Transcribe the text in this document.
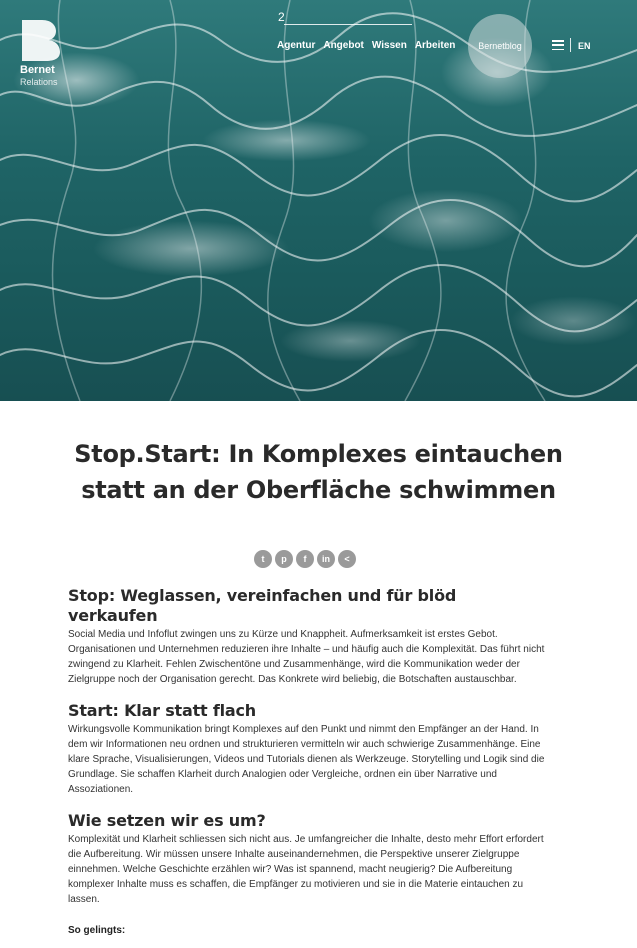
Bernet
Relations
2
Agentur Angebot Wissen Arbeiten	Bernetblog	EN
Stop.Start: In Komplexes eintauchen statt an der Oberfläche schwimmen
t	p	f	in	<
Stop: Weglassen, vereinfachen und für blöd verkaufen

Social Media und Infoflut zwingen uns zu Kürze und Knappheit. Aufmerksamkeit ist erstes Gebot. Organisationen und Unternehmen reduzieren ihre Inhalte – und häufig auch die Komplexität. Das führt nicht zwingend zu Klarheit. Fehlen Zwischentöne und Zusammenhänge, wird die Kommunikation weder der Zielgruppe noch der Organisation gerecht. Das Konkrete wird beliebig, die Botschaften austauschbar.

Start: Klar statt flach

Wirkungsvolle Kommunikation bringt Komplexes auf den Punkt und nimmt den Empfänger an der Hand. In dem wir Informationen neu ordnen und strukturieren vermitteln wir auch schwierige Zusammenhänge. Eine klare Sprache, Visualisierungen, Videos und Tutorials dienen als Werkzeuge. Storytelling und Logik sind die Grundlage. Sie schaffen Klarheit durch Analogien oder Vergleiche, ordnen ein über Narrative und Assoziationen.

Wie setzen wir es um?

Komplexität und Klarheit schliessen sich nicht aus. Je umfangreicher die Inhalte, desto mehr Effort erfordert die Aufbereitung. Wir müssen unsere Inhalte auseinandernehmen, die Perspektive unserer Zielgruppe einnehmen. Welche Geschichte erzählen wir? Was ist spannend, macht neugierig? Die Aufbereitung komplexer Inhalte muss es schaffen, die Empfänger zu motivieren und sie in die Materie eintauchen zu lassen.

So gelingts:
